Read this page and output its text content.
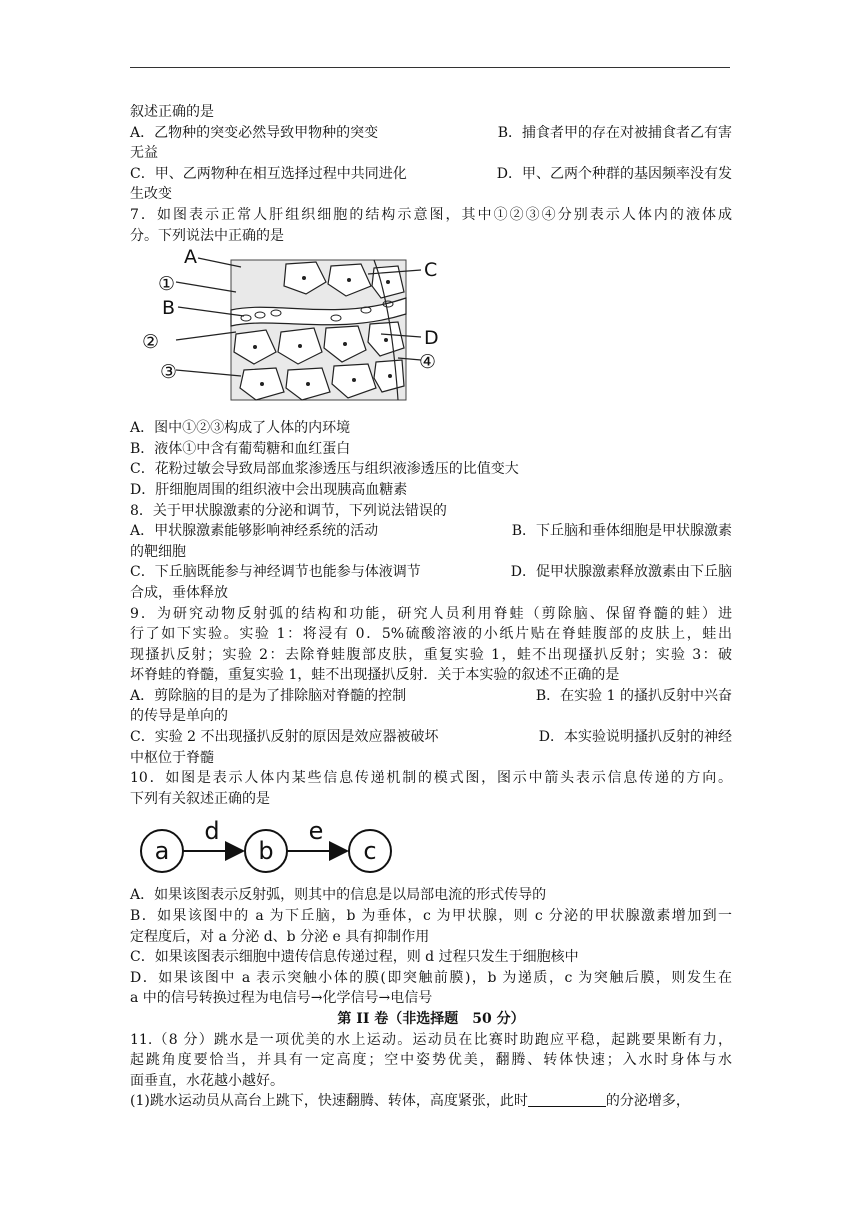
叙述正确的是
A．乙物种的突变必然导致甲物种的突变	B．捕食者甲的存在对被捕食者乙有害
无益
C．甲、乙两物种在相互选择过程中共同进化	D．甲、乙两个种群的基因频率没有发
生改变
7．如图表示正常人肝组织细胞的结构示意图，其中①②③④分别表示人体内的液体成
分。下列说法中正确的是
A
①
B
②
③
C
D
④
A．图中①②③构成了人体的内环境
B．液体①中含有葡萄糖和血红蛋白
C．花粉过敏会导致局部血浆渗透压与组织液渗透压的比值变大
D．肝细胞周围的组织液中会出现胰高血糖素
8．关于甲状腺激素的分泌和调节，下列说法错误的
A．甲状腺激素能够影响神经系统的活动	B．下丘脑和垂体细胞是甲状腺激素
的靶细胞
C．下丘脑既能参与神经调节也能参与体液调节	D．促甲状腺激素释放激素由下丘脑
合成，垂体释放
9．为研究动物反射弧的结构和功能，研究人员利用脊蛙（剪除脑、保留脊髓的蛙）进
行了如下实验。实验 1：将浸有 0．5%硫酸溶液的小纸片贴在脊蛙腹部的皮肤上，蛙出
现搔扒反射；实验 2：去除脊蛙腹部皮肤，重复实验 1，蛙不出现搔扒反射；实验 3：破
坏脊蛙的脊髓，重复实验 1，蛙不出现搔扒反射．关于本实验的叙述不正确的是
A．剪除脑的目的是为了排除脑对脊髓的控制	B．在实验 1 的搔扒反射中兴奋
的传导是单向的
C．实验 2 不出现搔扒反射的原因是效应器被破坏	D．本实验说明搔扒反射的神经
中枢位于脊髓
10．如图是表示人体内某些信息传递机制的模式图，图示中箭头表示信息传递的方向。
下列有关叙述正确的是
a	b	c
d	e
A．如果该图表示反射弧，则其中的信息是以局部电流的形式传导的
B．如果该图中的 a 为下丘脑，b 为垂体，c 为甲状腺，则 c 分泌的甲状腺激素增加到一
定程度后，对 a 分泌 d、b 分泌 e 具有抑制作用
C．如果该图表示细胞中遗传信息传递过程，则 d 过程只发生于细胞核中
D．如果该图中 a 表示突触小体的膜(即突触前膜)，b 为递质，c 为突触后膜，则发生在
a 中的信号转换过程为电信号→化学信号→电信号
第 II 卷（非选择题　50 分）
11.（8 分）跳水是一项优美的水上运动。运动员在比赛时助跑应平稳，起跳要果断有力，
起跳角度要恰当，并具有一定高度；空中姿势优美，翻腾、转体快速；入水时身体与水
面垂直，水花越小越好。
(1)跳水运动员从高台上跳下，快速翻腾、转体，高度紧张，此时	的分泌增多，
